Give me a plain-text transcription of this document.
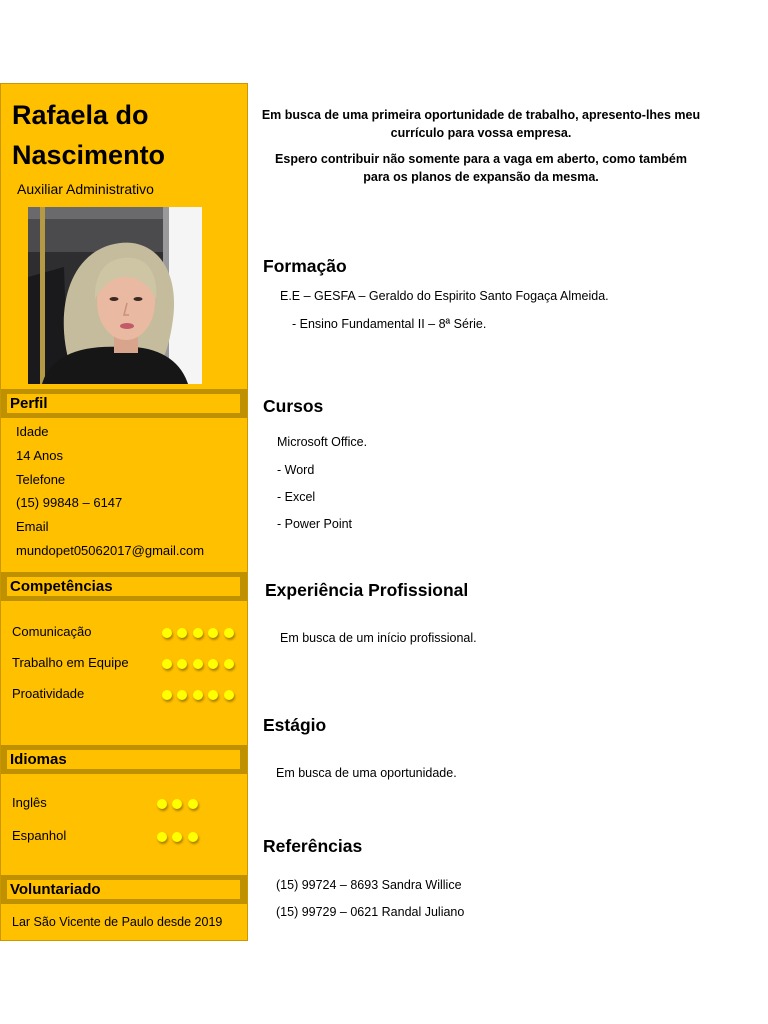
Rafaela do Nascimento
Auxiliar Administrativo
Perfil
Idade
14 Anos
Telefone
(15) 99848 – 6147
Email
mundopet05062017@gmail.com
Competências
Comunicação
Trabalho em Equipe
Proatividade
Idiomas
Inglês
Espanhol
Voluntariado
Lar São Vicente de Paulo desde 2019
Em busca de uma primeira oportunidade de trabalho, apresento-lhes meu
currículo para vossa empresa.
Espero contribuir não somente para a vaga em aberto, como também
para os planos de expansão da mesma.
Formação
E.E – GESFA – Geraldo do Espirito Santo Fogaça Almeida.
- Ensino Fundamental II – 8ª Série.
Cursos
Microsoft Office.
- Word
- Excel
- Power Point
Experiência Profissional
Em busca de um início profissional.
Estágio
Em busca de uma oportunidade.
Referências
(15) 99724 – 8693 Sandra Willice
(15) 99729 – 0621 Randal Juliano
